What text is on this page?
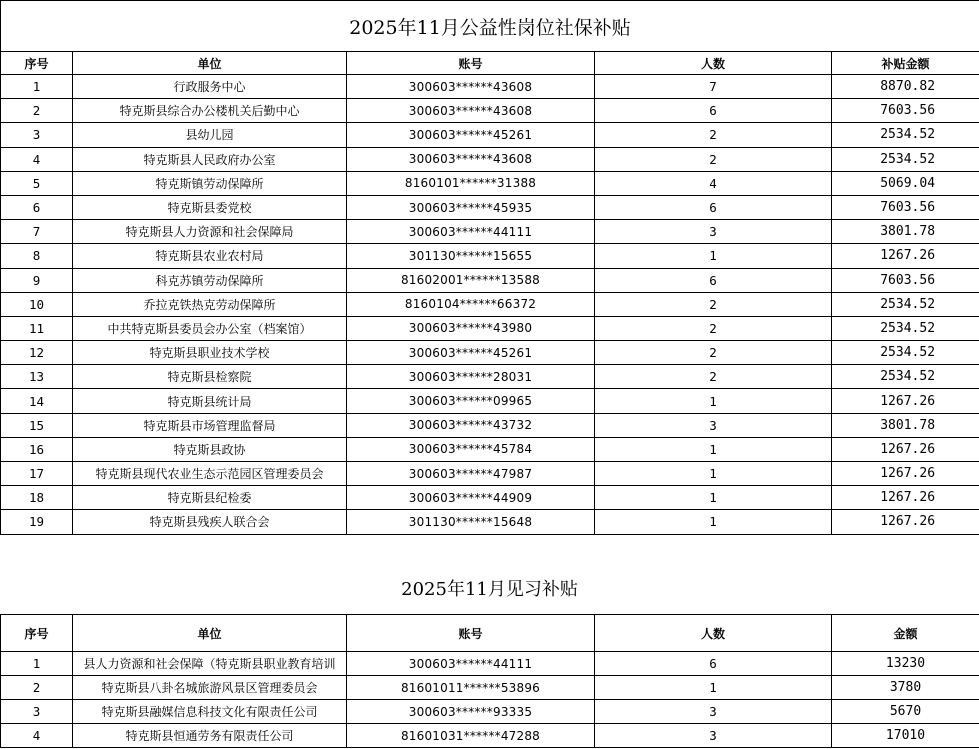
2025年11月公益性岗位社保补贴				
序号	单位	账号	人数	补贴金额
1	行政服务中心	300603******43608	7	8870.82
2	特克斯县综合办公楼机关后勤中心	300603******43608	6	7603.56
3	县幼儿园	300603******45261	2	2534.52
4	特克斯县人民政府办公室	300603******43608	2	2534.52
5	特克斯镇劳动保障所	8160101******31388	4	5069.04
6	特克斯县委党校	300603******45935	6	7603.56
7	特克斯县人力资源和社会保障局	300603******44111	3	3801.78
8	特克斯县农业农村局	301130******15655	1	1267.26
9	科克苏镇劳动保障所	81602001******13588	6	7603.56
10	乔拉克铁热克劳动保障所	8160104******66372	2	2534.52
11	中共特克斯县委员会办公室（档案馆）	300603******43980	2	2534.52
12	特克斯县职业技术学校	300603******45261	2	2534.52
13	特克斯县检察院	300603******28031	2	2534.52
14	特克斯县统计局	300603******09965	1	1267.26
15	特克斯县市场管理监督局	300603******43732	3	3801.78
16	特克斯县政协	300603******45784	1	1267.26
17	特克斯县现代农业生态示范园区管理委员会	300603******47987	1	1267.26
18	特克斯县纪检委	300603******44909	1	1267.26
19	特克斯县残疾人联合会	301130******15648	1	1267.26
2025年11月见习补贴
序号	单位	账号	人数	金额
1	县人力资源和社会保障（特克斯县职业教育培训	300603******44111	6	13230
2	特克斯县八卦名城旅游风景区管理委员会	81601011******53896	1	3780
3	特克斯县融媒信息科技文化有限责任公司	300603******93335	3	5670
4	特克斯县恒通劳务有限责任公司	81601031******47288	3	17010
